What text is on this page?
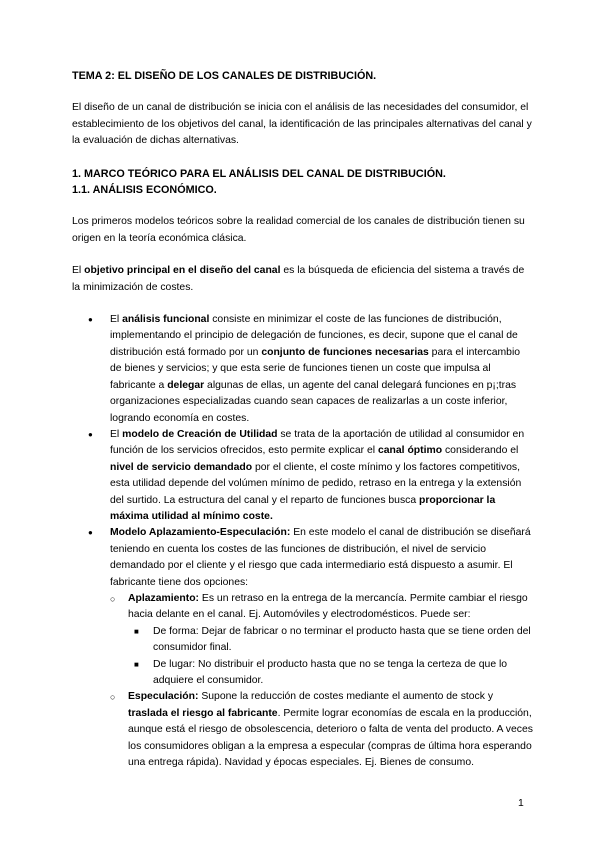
TEMA 2: EL DISEÑO DE LOS CANALES DE DISTRIBUCIÓN.

El diseño de un canal de distribución se inicia con el análisis de las necesidades del consumidor, el establecimiento de los objetivos del canal, la identificación de las principales alternativas del canal y la evaluación de dichas alternativas.

1. MARCO TEÓRICO PARA EL ANÁLISIS DEL CANAL DE DISTRIBUCIÓN.

1.1. ANÁLISIS ECONÓMICO.

Los primeros modelos teóricos sobre la realidad comercial de los canales de distribución tienen su origen en la teoría económica clásica.

El objetivo principal en el diseño del canal es la búsqueda de eficiencia del sistema a través de la minimización de costes.

● El análisis funcional consiste en minimizar el coste de las funciones de distribución, implementando el principio de delegación de funciones, es decir, supone que el canal de distribución está formado por un conjunto de funciones necesarias para el intercambio de bienes y servicios; y que esta serie de funciones tienen un coste que impulsa al fabricante a delegar algunas de ellas, un agente del canal delegará funciones en p¡;tras organizaciones especializadas cuando sean capaces de realizarlas a un coste inferior, logrando economía en costes.
● El modelo de Creación de Utilidad se trata de la aportación de utilidad al consumidor en función de los servicios ofrecidos, esto permite explicar el canal óptimo considerando el nivel de servicio demandado por el cliente, el coste mínimo y los factores competitivos, esta utilidad depende del volúmen mínimo de pedido, retraso en la entrega y la extensión del surtido. La estructura del canal y el reparto de funciones busca proporcionar la máxima utilidad al mínimo coste.
● Modelo Aplazamiento-Especulación: En este modelo el canal de distribución se diseñará teniendo en cuenta los costes de las funciones de distribución, el nivel de servicio demandado por el cliente y el riesgo que cada intermediario está dispuesto a asumir. El fabricante tiene dos opciones:
○ Aplazamiento: Es un retraso en la entrega de la mercancía. Permite cambiar el riesgo hacia delante en el canal. Ej. Automóviles y electrodomésticos. Puede ser:
■ De forma: Dejar de fabricar o no terminar el producto hasta que se tiene orden del consumidor final.
■ De lugar: No distribuir el producto hasta que no se tenga la certeza de que lo adquiere el consumidor.
○ Especulación: Supone la reducción de costes mediante el aumento de stock y traslada el riesgo al fabricante. Permite lograr economías de escala en la producción, aunque está el riesgo de obsolescencia, deterioro o falta de venta del producto. A veces los consumidores obligan a la empresa a especular (compras de última hora esperando una entrega rápida). Navidad y épocas especiales. Ej. Bienes de consumo.
1
